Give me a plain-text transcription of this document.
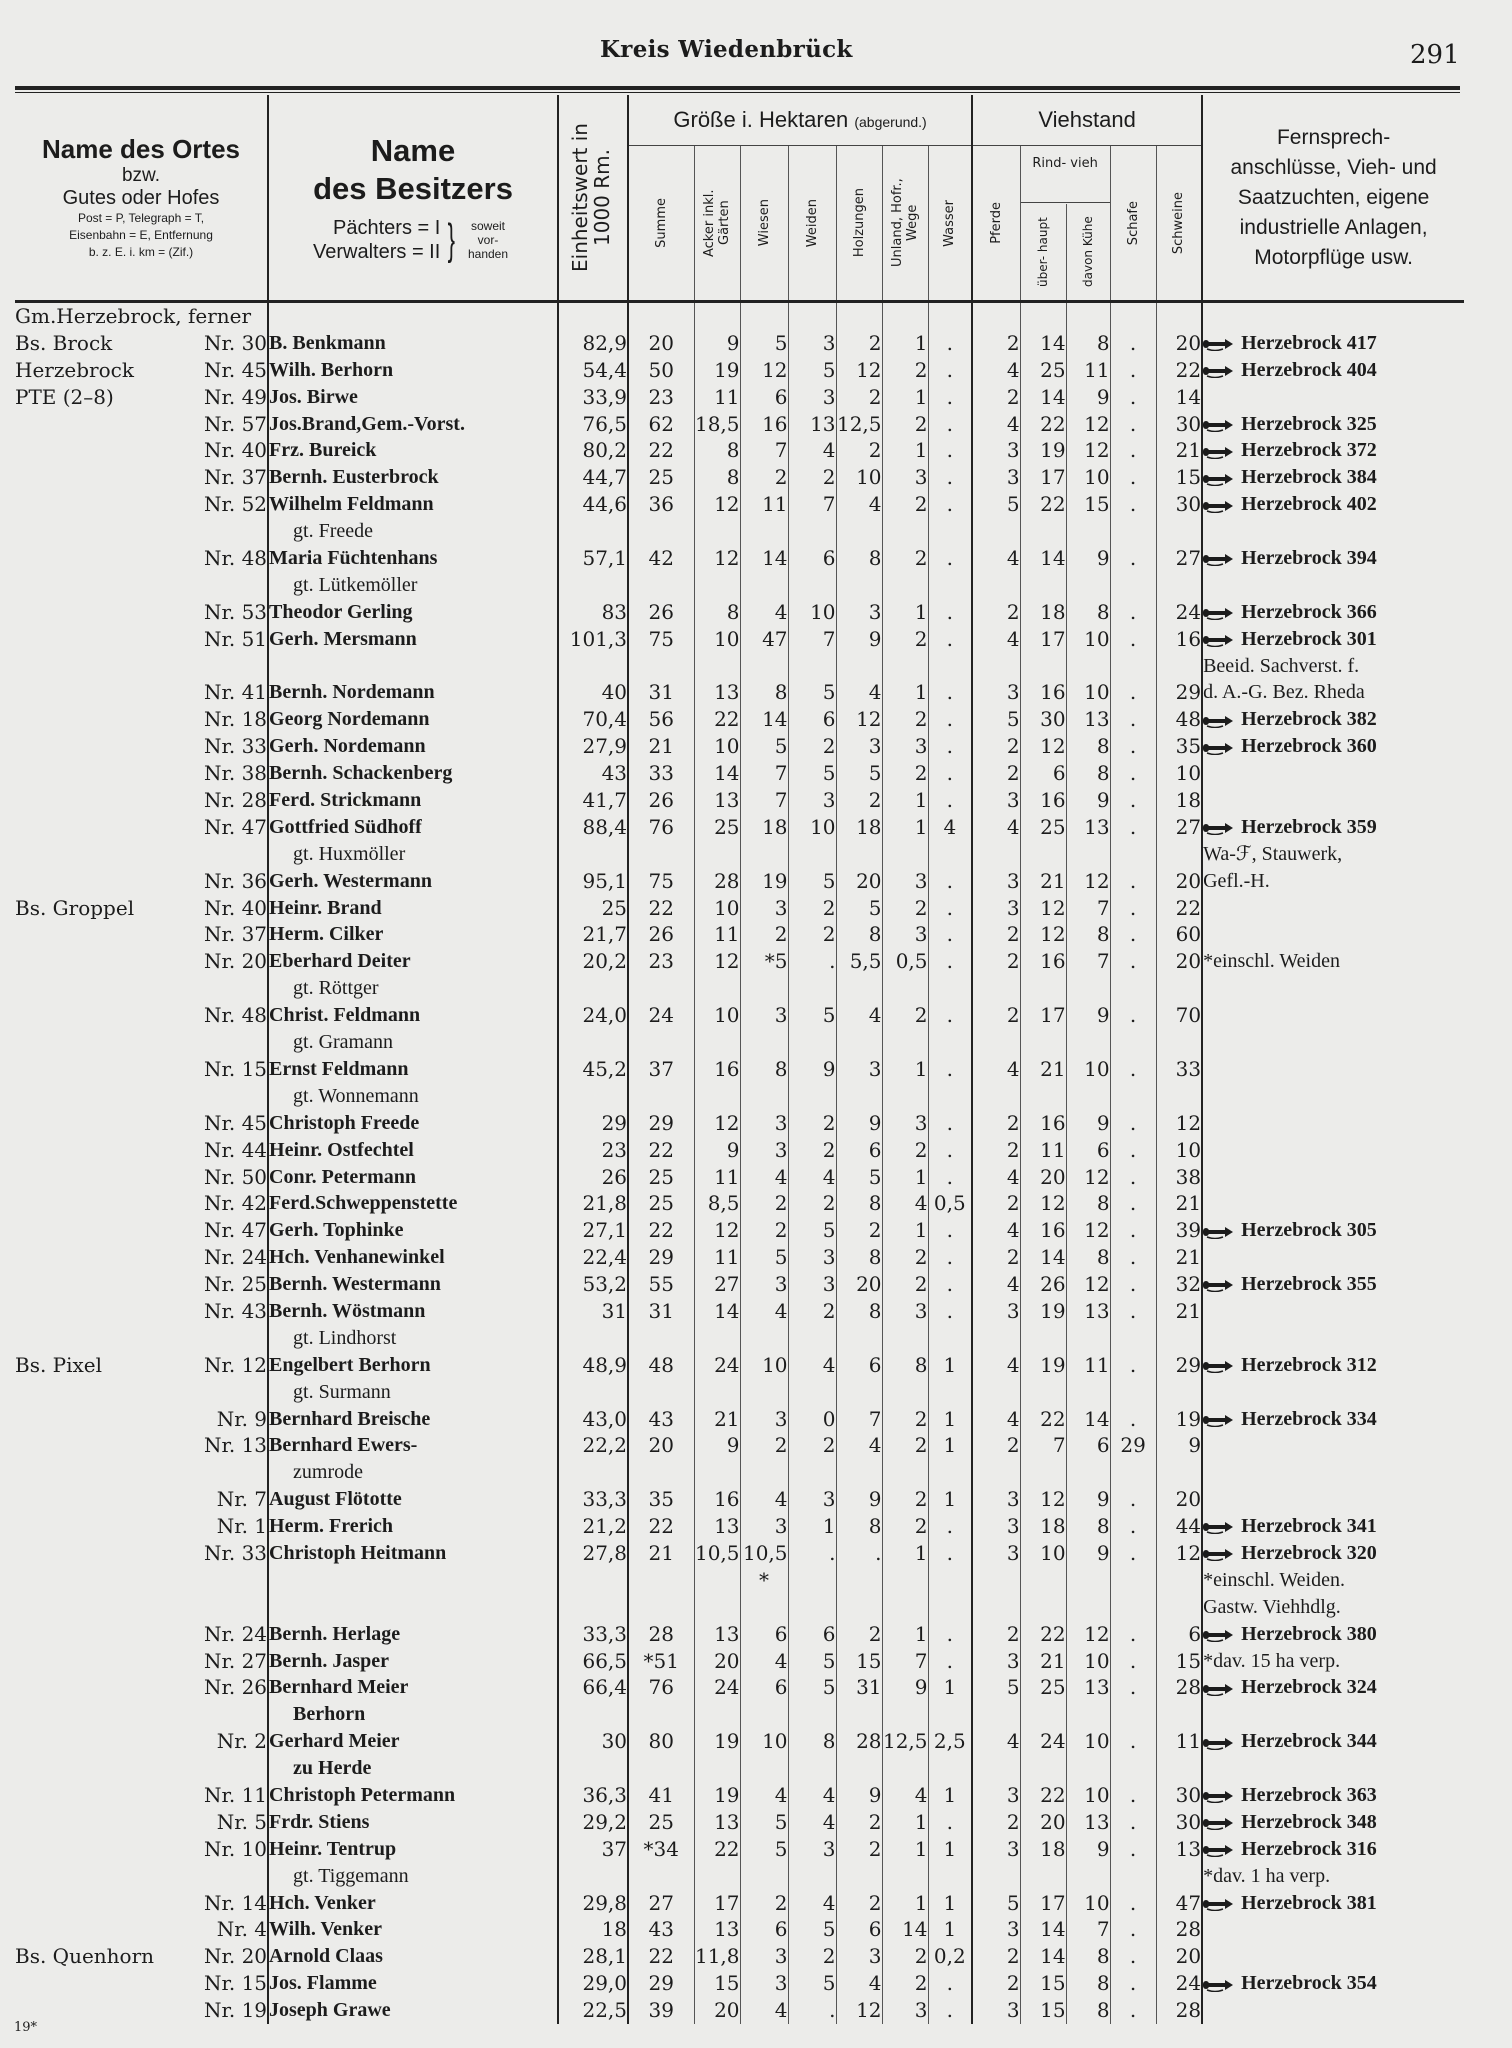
Kreis Wiedenbrück	291
Name des Ortes
bzw.
Gutes oder Hofes
Post = P, Telegraph = T,
Eisenbahn = E, Entfernung
b. z. E. i. km = (Zif.)

Name
des Besitzers
Pächters = I
Verwalters = II }	soweit vor- handen	Einheitswert in 1000 Rm.
	Größe i. Hektaren (abgerund.)	Viehstand	
Fernsprech- anschlüsse, Vieh- und Saatzuchten, eigene industrielle Anlagen, Motorpflüge usw.

				Summe	Acker inkl. Gärten	Wiesen	Weiden	Holzungen	Unland, Hofr., Wege	Wasser	Pferde	Rind- vieh		Schafe	Schweine	

												über- haupt	davon Kühe			

Gm.Herzebrock, ferner																
Bs. Brock	Nr. 30	B. Benkmann	82,9	20	9	5	3	2	1	.	2	14	8	.	20	Herzebrock 417
Herzebrock	Nr. 45	Wilh. Berhorn	54,4	50	19	12	5	12	2	.	4	25	11	.	22	Herzebrock 404
PTE (2–8)	Nr. 49	Jos. Birwe	33,9	23	11	6	3	2	1	.	2	14	9	.	14	
	Nr. 57	Jos.Brand,Gem.-Vorst.	76,5	62	18,5	16	13	12,5	2	.	4	22	12	.	30	Herzebrock 325
	Nr. 40	Frz. Bureick	80,2	22	8	7	4	2	1	.	3	19	12	.	21	Herzebrock 372
	Nr. 37	Bernh. Eusterbrock	44,7	25	8	2	2	10	3	.	3	17	10	.	15	Herzebrock 384
	Nr. 52	Wilhelm Feldmann	44,6	36	12	11	7	4	2	.	5	22	15	.	30	Herzebrock 402
		gt. Freede														
	Nr. 48	Maria Füchtenhans	57,1	42	12	14	6	8	2	.	4	14	9	.	27	Herzebrock 394
		gt. Lütkemöller														
	Nr. 53	Theodor Gerling	83	26	8	4	10	3	1	.	2	18	8	.	24	Herzebrock 366
	Nr. 51	Gerh. Mersmann	101,3	75	10	47	7	9	2	.	4	17	10	.	16	Herzebrock 301
																Beeid. Sachverst. f.
	Nr. 41	Bernh. Nordemann	40	31	13	8	5	4	1	.	3	16	10	.	29	d. A.-G. Bez. Rheda
	Nr. 18	Georg Nordemann	70,4	56	22	14	6	12	2	.	5	30	13	.	48	Herzebrock 382
	Nr. 33	Gerh. Nordemann	27,9	21	10	5	2	3	3	.	2	12	8	.	35	Herzebrock 360
	Nr. 38	Bernh. Schackenberg	43	33	14	7	5	5	2	.	2	6	8	.	10	
	Nr. 28	Ferd. Strickmann	41,7	26	13	7	3	2	1	.	3	16	9	.	18	
	Nr. 47	Gottfried Südhoff	88,4	76	25	18	10	18	1	4	4	25	13	.	27	Herzebrock 359
		gt. Huxmöller														Wa-ℱ, Stauwerk,
	Nr. 36	Gerh. Westermann	95,1	75	28	19	5	20	3	.	3	21	12	.	20	Gefl.-H.
Bs. Groppel	Nr. 40	Heinr. Brand	25	22	10	3	2	5	2	.	3	12	7	.	22	
	Nr. 37	Herm. Cilker	21,7	26	11	2	2	8	3	.	2	12	8	.	60	
	Nr. 20	Eberhard Deiter	20,2	23	12	*5	.	5,5	0,5	.	2	16	7	.	20	*einschl. Weiden
		gt. Röttger														
	Nr. 48	Christ. Feldmann	24,0	24	10	3	5	4	2	.	2	17	9	.	70	
		gt. Gramann														
	Nr. 15	Ernst Feldmann	45,2	37	16	8	9	3	1	.	4	21	10	.	33	
		gt. Wonnemann														
	Nr. 45	Christoph Freede	29	29	12	3	2	9	3	.	2	16	9	.	12	
	Nr. 44	Heinr. Ostfechtel	23	22	9	3	2	6	2	.	2	11	6	.	10	
	Nr. 50	Conr. Petermann	26	25	11	4	4	5	1	.	4	20	12	.	38	
	Nr. 42	Ferd.Schweppenstette	21,8	25	8,5	2	2	8	4	0,5	2	12	8	.	21	
	Nr. 47	Gerh. Tophinke	27,1	22	12	2	5	2	1	.	4	16	12	.	39	Herzebrock 305
	Nr. 24	Hch. Venhanewinkel	22,4	29	11	5	3	8	2	.	2	14	8	.	21	
	Nr. 25	Bernh. Westermann	53,2	55	27	3	3	20	2	.	4	26	12	.	32	Herzebrock 355
	Nr. 43	Bernh. Wöstmann	31	31	14	4	2	8	3	.	3	19	13	.	21	
		gt. Lindhorst														
Bs. Pixel	Nr. 12	Engelbert Berhorn	48,9	48	24	10	4	6	8	1	4	19	11	.	29	Herzebrock 312
		gt. Surmann														
	Nr. 9	Bernhard Breische	43,0	43	21	3	0	7	2	1	4	22	14	.	19	Herzebrock 334
	Nr. 13	Bernhard Ewers-	22,2	20	9	2	2	4	2	1	2	7	6	29	9	
		zumrode														
	Nr. 7	August Flötotte	33,3	35	16	4	3	9	2	1	3	12	9	.	20	
	Nr. 1	Herm. Frerich	21,2	22	13	3	1	8	2	.	3	18	8	.	44	Herzebrock 341
	Nr. 33	Christoph Heitmann	27,8	21	10,5	10,5	.	.	1	.	3	10	9	.	12	Herzebrock 320
						*										*einschl. Weiden.
																Gastw. Viehhdlg.
	Nr. 24	Bernh. Herlage	33,3	28	13	6	6	2	1	.	2	22	12	.	6	Herzebrock 380
	Nr. 27	Bernh. Jasper	66,5	*51	20	4	5	15	7	.	3	21	10	.	15	*dav. 15 ha verp.
	Nr. 26	Bernhard Meier	66,4	76	24	6	5	31	9	1	5	25	13	.	28	Herzebrock 324
		Berhorn														
	Nr. 2	Gerhard Meier	30	80	19	10	8	28	12,5	2,5	4	24	10	.	11	Herzebrock 344
		zu Herde														
	Nr. 11	Christoph Petermann	36,3	41	19	4	4	9	4	1	3	22	10	.	30	Herzebrock 363
	Nr. 5	Frdr. Stiens	29,2	25	13	5	4	2	1	.	2	20	13	.	30	Herzebrock 348
	Nr. 10	Heinr. Tentrup	37	*34	22	5	3	2	1	1	3	18	9	.	13	Herzebrock 316
		gt. Tiggemann														*dav. 1 ha verp.
	Nr. 14	Hch. Venker	29,8	27	17	2	4	2	1	1	5	17	10	.	47	Herzebrock 381
	Nr. 4	Wilh. Venker	18	43	13	6	5	6	14	1	3	14	7	.	28	
Bs. Quenhorn	Nr. 20	Arnold Claas	28,1	22	11,8	3	2	3	2	0,2	2	14	8	.	20	
	Nr. 15	Jos. Flamme	29,0	29	15	3	5	4	2	.	2	15	8	.	24	Herzebrock 354
	Nr. 19	Joseph Grawe	22,5	39	20	4	.	12	3	.	3	15	8	.	28	
19*
